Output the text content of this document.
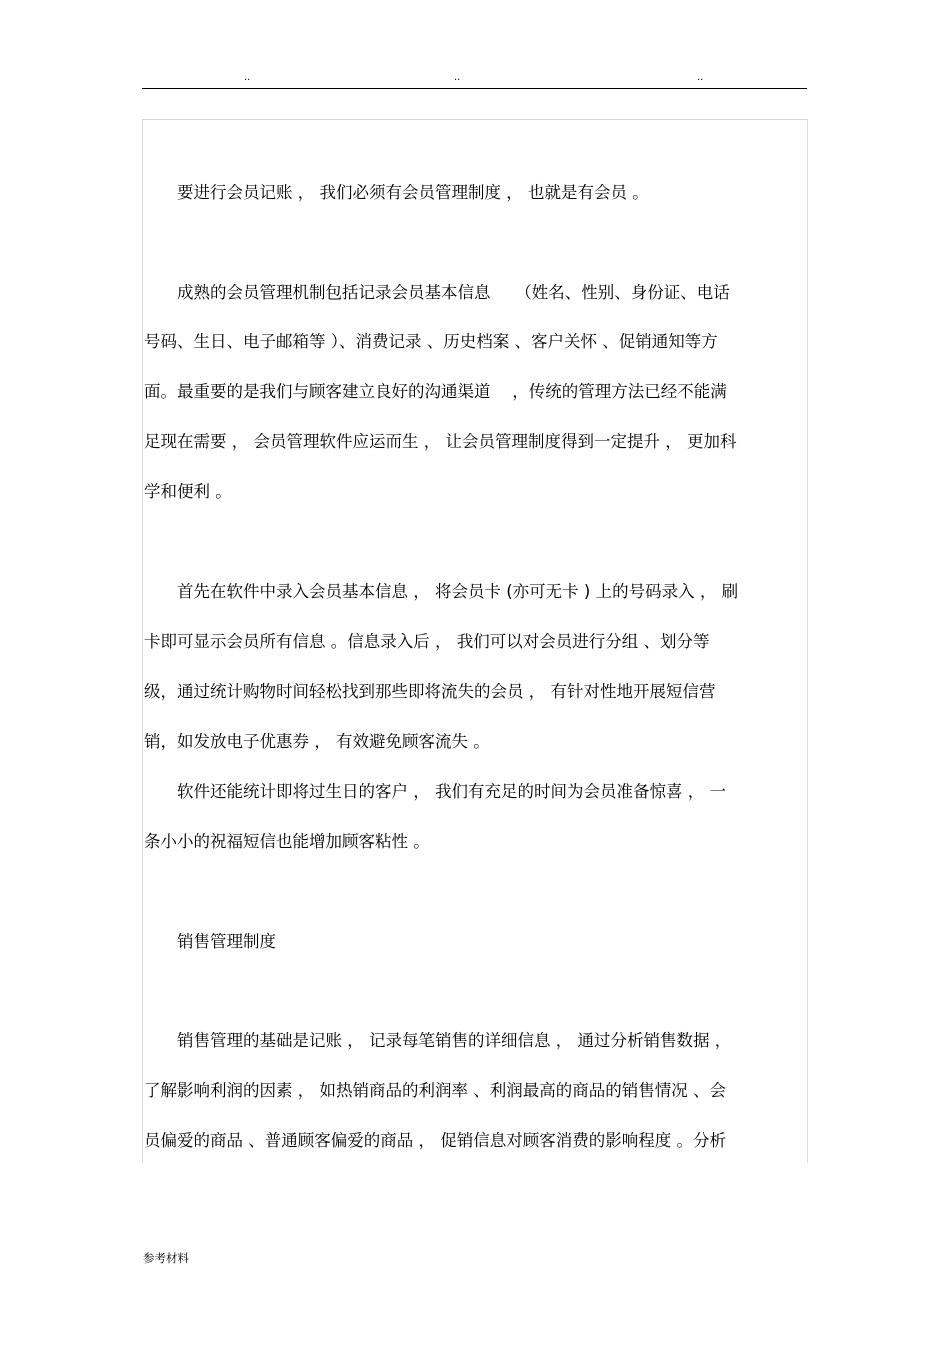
..	..	..
　　要进行会员记账 ， 我们必须有会员管理制度 ， 也就是有会员 。
　　成熟的会员管理机制包括记录会员基本信息　　（姓名、性别、身份证、电话
号码、生日、电子邮箱等 ）、消费记录 、历史档案 、客户关怀 、促销通知等方
面。最重要的是我们与顾客建立良好的沟通渠道　 ，传统的管理方法已经不能满
足现在需要 ， 会员管理软件应运而生 ， 让会员管理制度得到一定提升 ， 更加科
学和便利 。
　　首先在软件中录入会员基本信息 ， 将会员卡 (亦可无卡 ) 上的号码录入 ， 刷
卡即可显示会员所有信息 。信息录入后 ， 我们可以对会员进行分组 、划分等
级，通过统计购物时间轻松找到那些即将流失的会员 ， 有针对性地开展短信营
销，如发放电子优惠券 ， 有效避免顾客流失 。
　　软件还能统计即将过生日的客户 ， 我们有充足的时间为会员准备惊喜 ， 一
条小小的祝福短信也能增加顾客粘性 。
　　销售管理制度
　　销售管理的基础是记账 ， 记录每笔销售的详细信息 ， 通过分析销售数据 ，
了解影响利润的因素 ， 如热销商品的利润率 、利润最高的商品的销售情况 、会
员偏爱的商品 、普通顾客偏爱的商品 ， 促销信息对顾客消费的影响程度 。分析
参考材料
